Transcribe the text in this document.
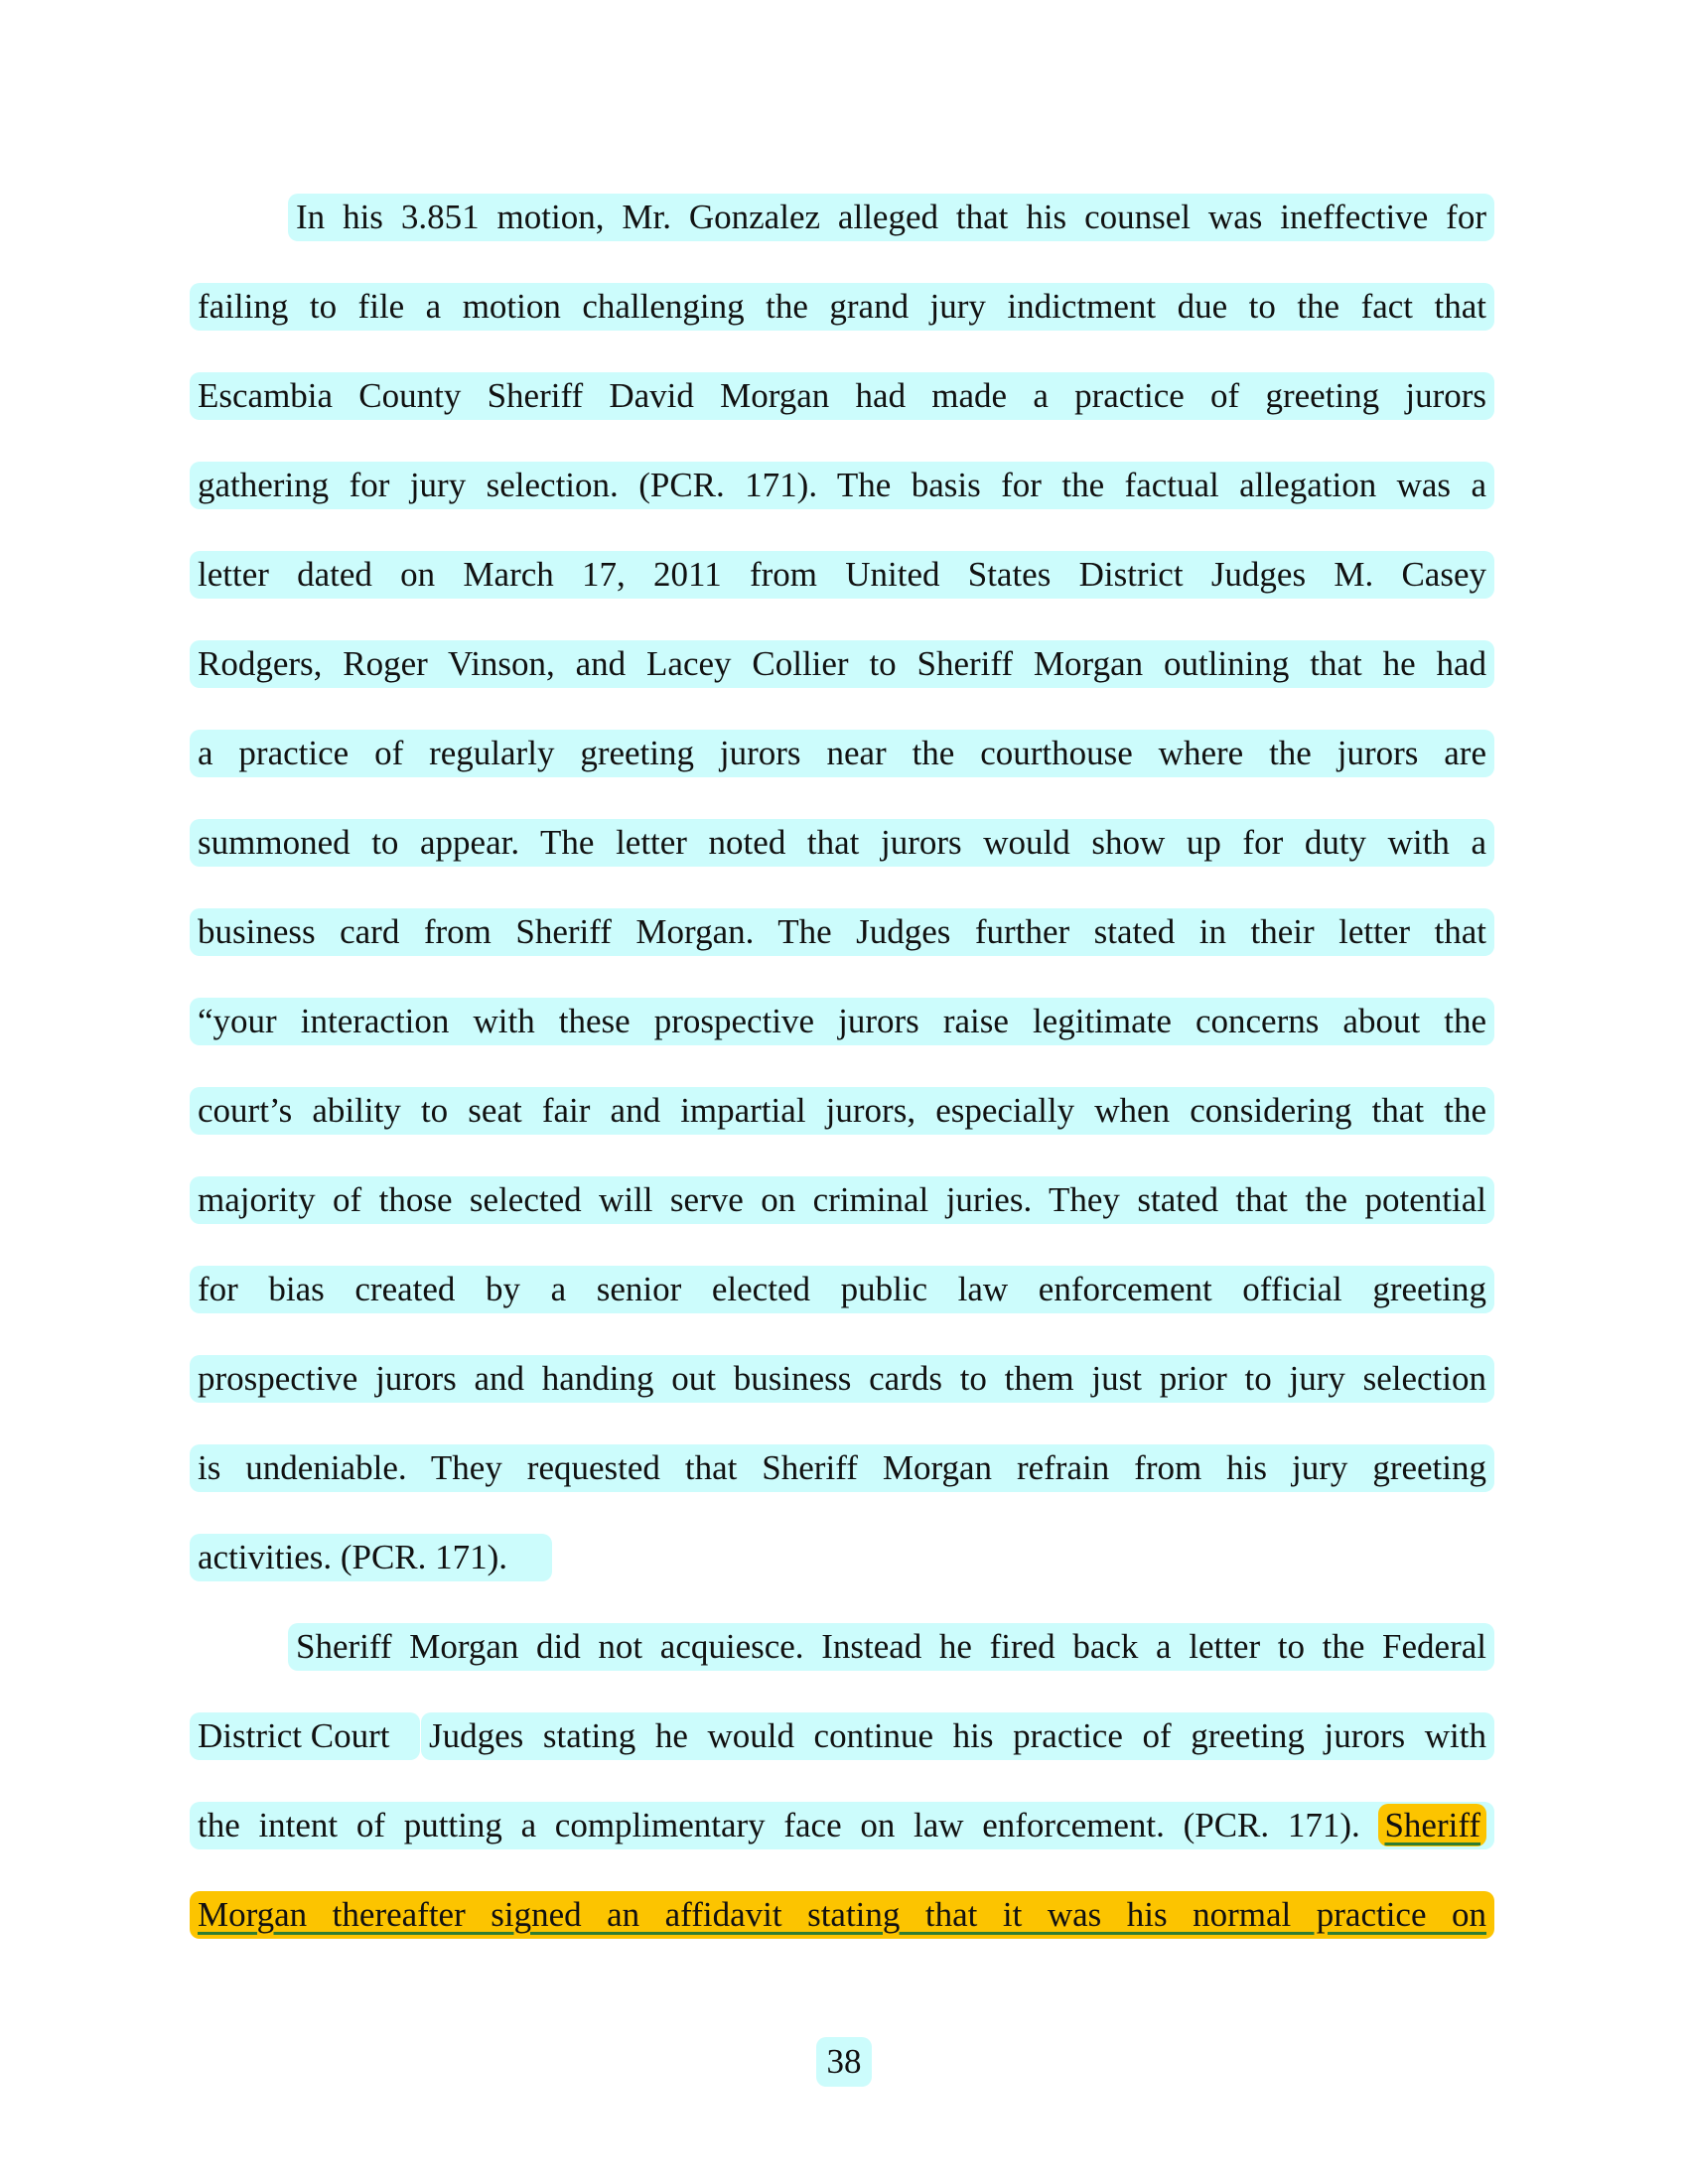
In his 3.851 motion, Mr. Gonzalez alleged that his counsel was ineffective for
failing to file a motion challenging the grand jury indictment due to the fact that
Escambia County Sheriff David Morgan had made a practice of greeting jurors
gathering for jury selection. (PCR. 171). The basis for the factual allegation was a
letter dated on March 17, 2011 from United States District Judges M. Casey
Rodgers, Roger Vinson, and Lacey Collier to Sheriff Morgan outlining that he had
a practice of regularly greeting jurors near the courthouse where the jurors are
summoned to appear. The letter noted that jurors would show up for duty with a
business card from Sheriff Morgan. The Judges further stated in their letter that
“your interaction with these prospective jurors raise legitimate concerns about the
court’s ability to seat fair and impartial jurors, especially when considering that the
majority of those selected will serve on criminal juries. They stated that the potential
for bias created by a senior elected public law enforcement official greeting
prospective jurors and handing out business cards to them just prior to jury selection
is undeniable. They requested that Sheriff Morgan refrain from his jury greeting
activities. (PCR. 171).
Sheriff Morgan did not acquiesce. Instead he fired back a letter to the Federal
District Court	Judges stating he would continue his practice of greeting jurors with
the intent of putting a complimentary face on law enforcement. (PCR. 171). Sheriff
Morgan thereafter signed an affidavit stating that it was his normal practice on
38
